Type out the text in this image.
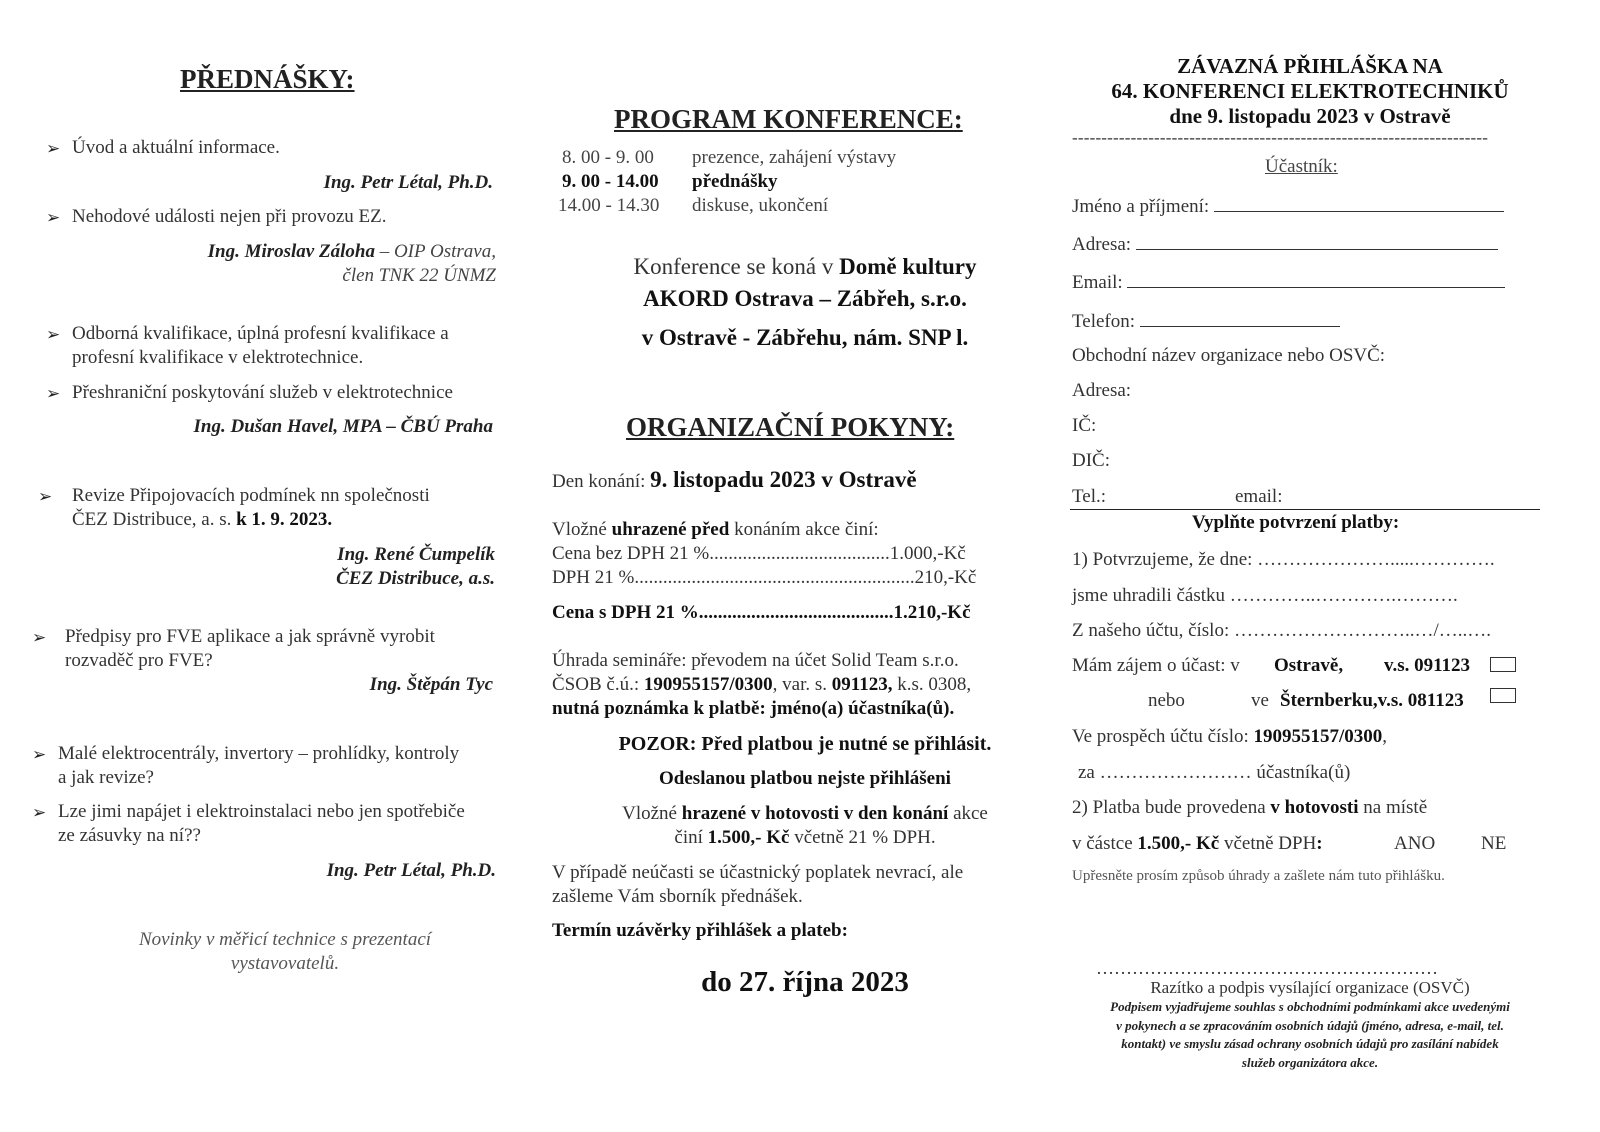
PŘEDNÁŠKY:
➢ Úvod a aktuální informace.
Ing. Petr Létal, Ph.D.
➢ Nehodové události nejen při provozu EZ.
Ing. Miroslav Záloha – OIP Ostrava,
člen TNK 22 ÚNMZ
➢ Odborná kvalifikace, úplná profesní kvalifikace a
profesní kvalifikace v elektrotechnice.
➢ Přeshraniční poskytování služeb v elektrotechnice
Ing. Dušan Havel, MPA – ČBÚ Praha
➢ Revize Připojovacích podmínek nn společnosti
ČEZ Distribuce, a. s. k 1. 9. 2023.
Ing. René Čumpelík
ČEZ Distribuce, a.s.
➢ Předpisy pro FVE aplikace a jak správně vyrobit
rozvaděč pro FVE?
Ing. Štěpán Tyc
➢ Malé elektrocentrály, invertory – prohlídky, kontroly
a jak revize?
➢ Lze jimi napájet i elektroinstalaci nebo jen spotřebiče
ze zásuvky na ní??
Ing. Petr Létal, Ph.D.
Novinky v měřicí technice s prezentací
vystavovatelů.
PROGRAM KONFERENCE:
8. 00 - 9. 00 prezence, zahájení výstavy
9. 00 - 14.00 přednášky
14.00 - 14.30 diskuse, ukončení
Konference se koná v Domě kultury
AKORD Ostrava – Zábřeh, s.r.o.
v Ostravě - Zábřehu, nám. SNP l.
ORGANIZAČNÍ POKYNY:
Den konání: 9. listopadu 2023 v Ostravě
Vložné uhrazené před konáním akce činí:
Cena bez DPH 21 %......................................1.000,-Kč
DPH 21 %...........................................................210,-Kč
Cena s DPH 21 %.........................................1.210,-Kč
Úhrada semináře: převodem na účet Solid Team s.r.o.
ČSOB č.ú.: 190955157/0300, var. s. 091123, k.s. 0308,
nutná poznámka k platbě: jméno(a) účastníka(ů).
POZOR: Před platbou je nutné se přihlásit.
Odeslanou platbou nejste přihlášeni
Vložné hrazené v hotovosti v den konání akce
činí 1.500,- Kč včetně 21 % DPH.
V případě neúčasti se účastnický poplatek nevrací, ale
zašleme Vám sborník přednášek.
Termín uzávěrky přihlášek a plateb:
do 27. října 2023
ZÁVAZNÁ PŘIHLÁŠKA NA
64. KONFERENCI ELEKTROTECHNIKŮ
dne 9. listopadu 2023 v Ostravě
-----------------------------------------------------------------------
Účastník:
Jméno a příjmení:
Adresa:
Email:
Telefon:
Obchodní název organizace nebo OSVČ:
Adresa:
IČ:
DIČ:
Tel.:	email:
Vyplňte potvrzení platby:
1) Potvrzujeme, že dne: ………………….....………….
jsme uhradili částku …………..………….……….
Z našeho účtu, číslo: ………………………..…/…..….
Mám zájem o účast: v Ostravě, v.s. 091123
nebo	ve Šternberku,v.s. 081123
Ve prospěch účtu číslo: 190955157/0300,
za …………………… účastníka(ů)
2) Platba bude provedena v hotovosti na místě
v částce 1.500,- Kč včetně DPH:	ANO NE
Upřesněte prosím způsob úhrady a zašlete nám tuto přihlášku.
…………………………………………………
Razítko a podpis vysílající organizace (OSVČ)
Podpisem vyjadřujeme souhlas s obchodními podmínkami akce uvedenými
v pokynech a se zpracováním osobních údajů (jméno, adresa, e-mail, tel.
kontakt) ve smyslu zásad ochrany osobních údajů pro zasílání nabídek
služeb organizátora akce.
